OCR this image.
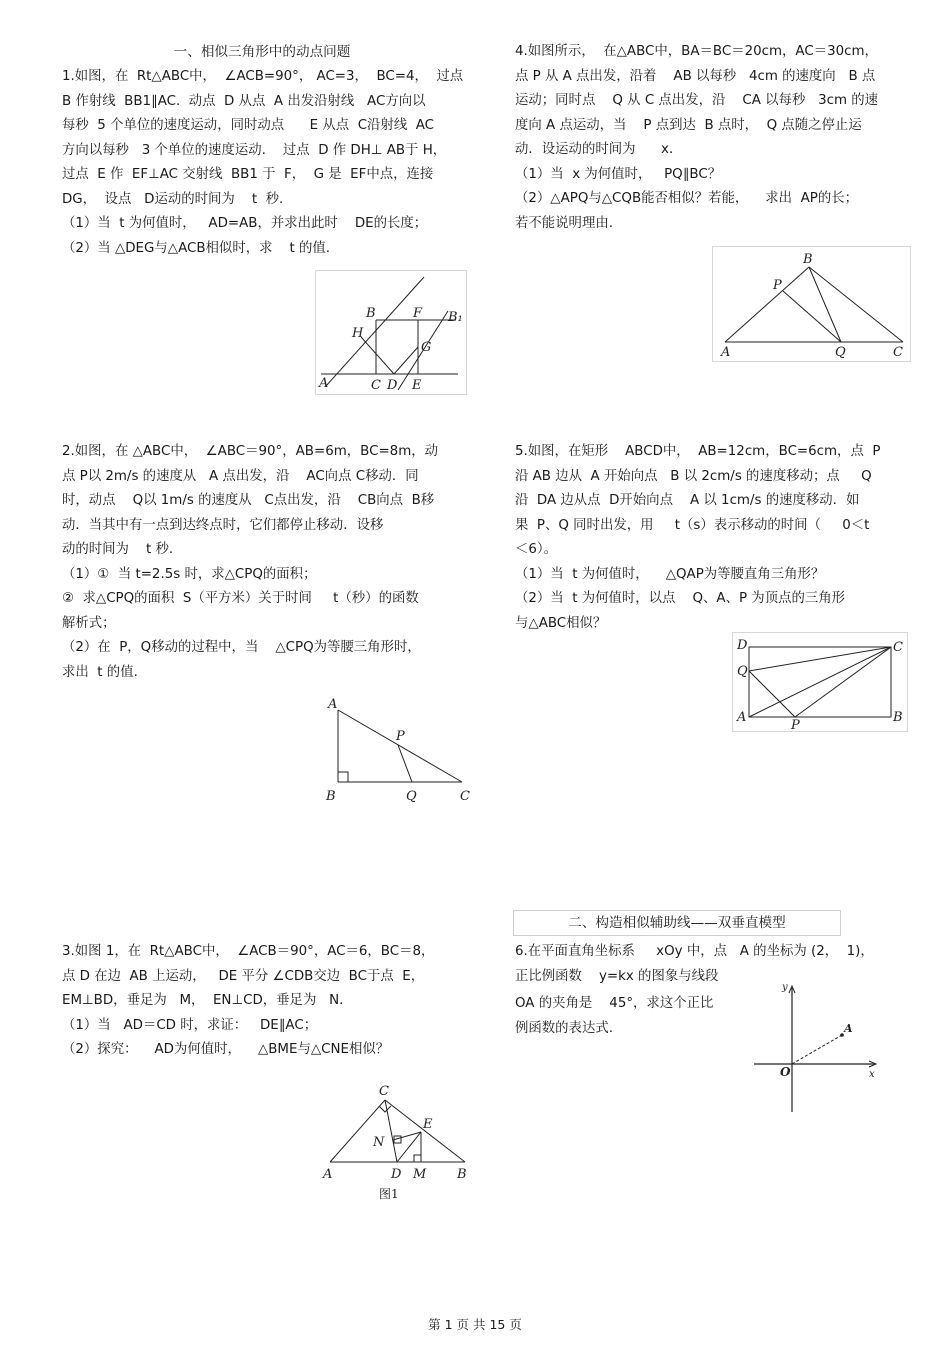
一、相似三角形中的动点问题

1.如图，在  Rt△ABC中，  ∠ACB=90°， AC=3，  BC=4，  过点

B 作射线  BB1∥AC.  动点  D 从点  A 出发沿射线   AC方向以

每秒  5 个单位的速度运动，同时动点      E 从点  C沿射线  AC

方向以每秒   3 个单位的速度运动.    过点  D 作 DH⊥ AB于 H，

过点  E 作  EF⊥AC 交射线  BB1 于  F，  G 是  EF中点，连接

DG，  设点   D运动的时间为    t  秒.

（1）当  t 为何值时，   AD=AB，并求出此时    DE的长度；

（2）当 △DEG与△ACB相似时，求    t 的值.

A
B
C D E
F B₁
H
G

2.如图，在 △ABC中，  ∠ABC＝90°，AB=6m，BC=8m，动

点 P以 2m/s 的速度从   A 点出发，沿    AC向点 C移动．同

时，动点    Q以 1m/s 的速度从   C点出发，沿    CB向点  B移

动．当其中有一点到达终点时，它们都停止移动．设移

动的时间为    t 秒.

（1）①  当 t=2.5s 时，求△CPQ的面积；

②  求△CPQ的面积  S（平方米）关于时间     t（秒）的函数

解析式；

（2）在  P，Q移动的过程中，当    △CPQ为等腰三角形时，

求出  t 的值.

A
B	C
P
Q

3.如图 1，在  Rt△ABC中，  ∠ACB＝90°，AC＝6，BC＝8，

点 D 在边  AB 上运动，   DE 平分 ∠CDB交边  BC于点  E，

EM⊥BD，垂足为   M，  EN⊥CD，垂足为   N.

（1）当   AD＝CD 时，求证：   DE∥AC；

（2）探究：    AD为何值时，    △BME与△CNE相似？

C
A	B
D M
N
E
图1

4.如图所示，  在△ABC中，BA＝BC＝20cm，AC＝30cm，

点 P 从 A 点出发，沿着    AB 以每秒   4cm 的速度向   B 点

运动；同时点    Q 从 C 点出发，沿    CA 以每秒   3cm 的速

度向 A 点运动，当    P 点到达  B 点时，  Q 点随之停止运

动．设运动的时间为      x．

（1）当  x 为何值时，   PQ∥BC？

（2）△APQ与△CQB能否相似？若能，    求出  AP的长；

若不能说明理由.

A
B
C
P
Q

5.如图，在矩形    ABCD中，  AB=12cm，BC=6cm，点  P

沿 AB 边从  A 开始向点   B 以 2cm/s 的速度移动；点     Q

沿  DA 边从点  D开始向点    A 以 1cm/s 的速度移动．如

果  P、Q 同时出发，用     t（s）表示移动的时间（     0＜t

＜6）。

（1）当  t 为何值时，    △QAP为等腰直角三角形？

（2）当  t 为何值时，以点    Q、A、P 为顶点的三角形

与△ABC相似？

D
Q
A
P
B
C
二、构造相似辅助线——双垂直模型

6.在平面直角坐标系     xOy 中，点   A 的坐标为 (2，  1)，

正比例函数    y=kx 的图象与线段

OA 的夹角是    45°，求这个正比

例函数的表达式.

y
x
O
A
第 1 页 共 15 页
